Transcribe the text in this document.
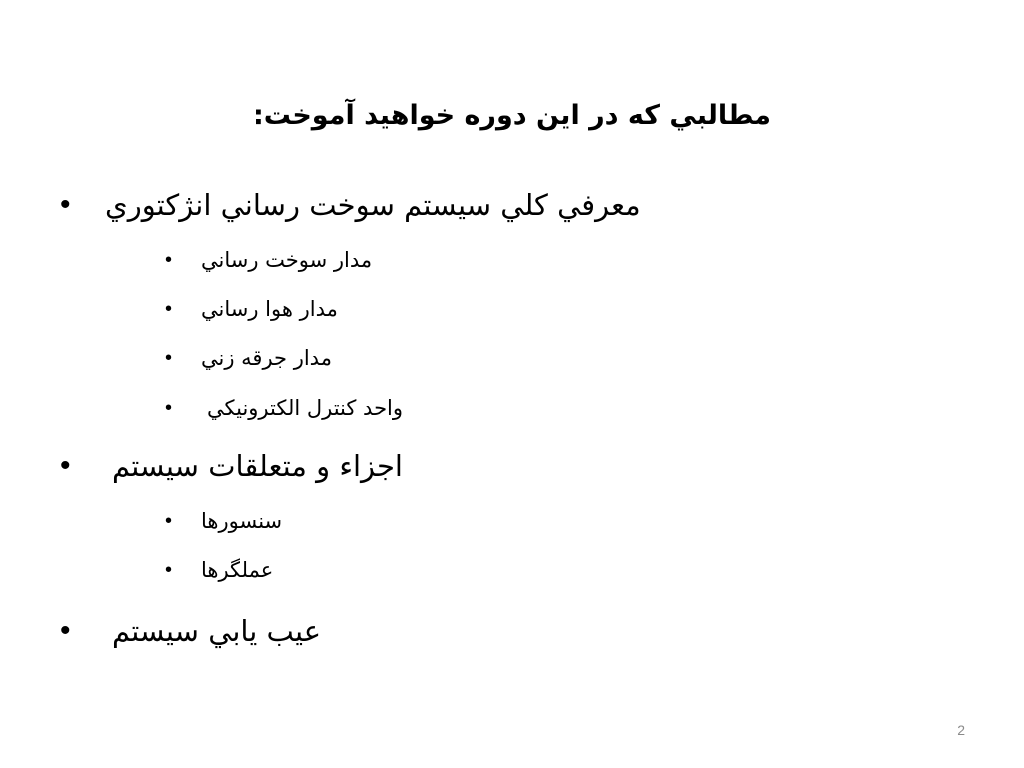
مطالبي كه در اين دوره خواهيد آموخت:
•	معرفي كلي سيستم سوخت رساني انژكتوري
•	مدار سوخت رساني
•	مدار هوا رساني
•	مدار جرقه زني
•	واحد كنترل الكترونيكي
•	اجزاء و متعلقات سيستم
•	سنسورها
•	عملگرها
•	عيب يابي سيستم
2
